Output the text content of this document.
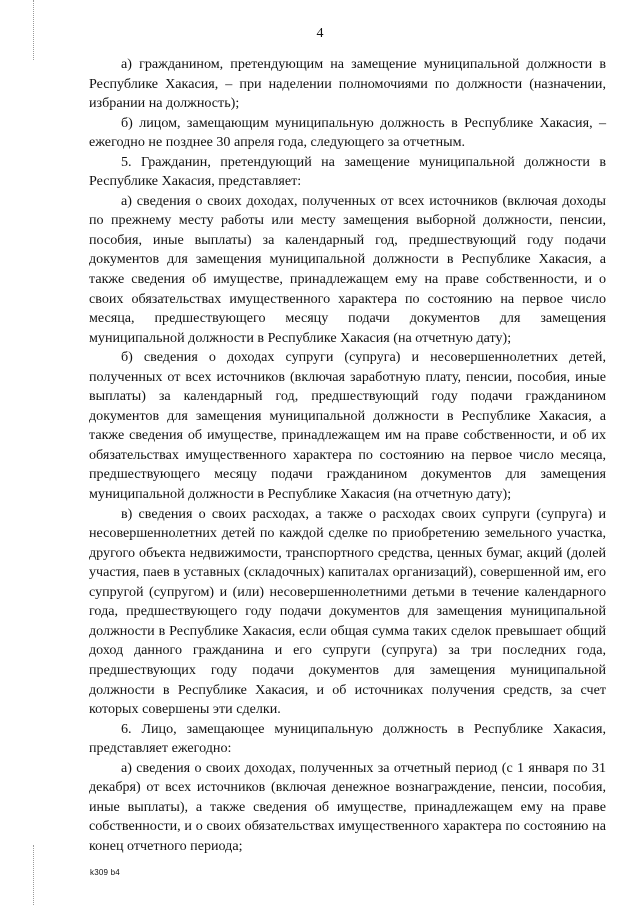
4

а) гражданином, претендующим на замещение муниципальной должности в Республике Хакасия, – при наделении полномочиями по должности (назначении, избрании на должность);

б) лицом, замещающим муниципальную должность в Республике Хакасия, – ежегодно не позднее 30 апреля года, следующего за отчетным.

5. Гражданин, претендующий на замещение муниципальной должности в Республике Хакасия, представляет:

а) сведения о своих доходах, полученных от всех источников (включая доходы по прежнему месту работы или месту замещения выборной должности, пенсии, пособия, иные выплаты) за календарный год, предшествующий году подачи документов для замещения муниципальной должности в Республике Хакасия, а также сведения об имуществе, принадлежащем ему на праве собственности, и о своих обязательствах имущественного характера по состоянию на первое число месяца, предшествующего месяцу подачи документов для замещения муниципальной должности в Республике Хакасия (на отчетную дату);

б) сведения о доходах супруги (супруга) и несовершеннолетних детей, полученных от всех источников (включая заработную плату, пенсии, пособия, иные выплаты) за календарный год, предшествующий году подачи гражданином документов для замещения муниципальной должности в Республике Хакасия, а также сведения об имуществе, принадлежащем им на праве собственности, и об их обязательствах имущественного характера по состоянию на первое число месяца, предшествующего месяцу подачи гражданином документов для замещения муниципальной должности в Республике Хакасия (на отчетную дату);

в) сведения о своих расходах, а также о расходах своих супруги (супруга) и несовершеннолетних детей по каждой сделке по приобретению земельного участка, другого объекта недвижимости, транспортного средства, ценных бумаг, акций (долей участия, паев в уставных (складочных) капиталах организаций), совершенной им, его супругой (супругом) и (или) несовершеннолетними детьми в течение календарного года, предшествующего году подачи документов для замещения муниципальной должности в Республике Хакасия, если общая сумма таких сделок превышает общий доход данного гражданина и его супруги (супруга) за три последних года, предшествующих году подачи документов для замещения муниципальной должности в Республике Хакасия, и об источниках получения средств, за счет которых совершены эти сделки.

6. Лицо, замещающее муниципальную должность в Республике Хакасия, представляет ежегодно:

а) сведения о своих доходах, полученных за отчетный период (с 1 января по 31 декабря) от всех источников (включая денежное вознаграждение, пенсии, пособия, иные выплаты), а также сведения об имуществе, принадлежащем ему на праве собственности, и о своих обязательствах имущественного характера по состоянию на конец отчетного периода;

k309 b4
